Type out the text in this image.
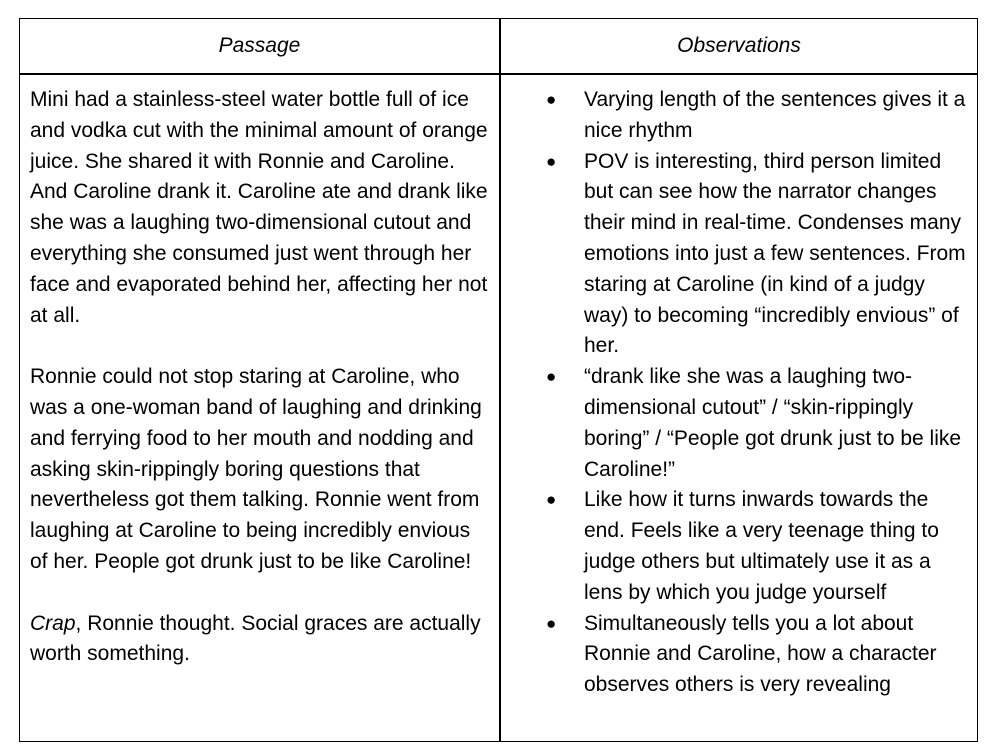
Passage	Observations

Mini had a stainless-steel water bottle full of ice and vodka cut with the minimal amount of orange juice. She shared it with Ronnie and Caroline. And Caroline drank it. Caroline ate and drank like she was a laughing two-dimensional cutout and everything she consumed just went through her face and evaporated behind her, affecting her not at all.

Ronnie could not stop staring at Caroline, who was a one-woman band of laughing and drinking and ferrying food to her mouth and nodding and asking skin-rippingly boring questions that nevertheless got them talking. Ronnie went from laughing at Caroline to being incredibly envious of her. People got drunk just to be like Caroline!

Crap, Ronnie thought. Social graces are actually worth something.

● Varying length of the sentences gives it a nice rhythm
● POV is interesting, third person limited but can see how the narrator changes their mind in real-time. Condenses many emotions into just a few sentences. From staring at Caroline (in kind of a judgy way) to becoming “incredibly envious” of her.
● “drank like she was a laughing two-dimensional cutout” / “skin-rippingly boring” / “People got drunk just to be like Caroline!”
● Like how it turns inwards towards the end. Feels like a very teenage thing to judge others but ultimately use it as a lens by which you judge yourself
● Simultaneously tells you a lot about Ronnie and Caroline, how a character observes others is very revealing
